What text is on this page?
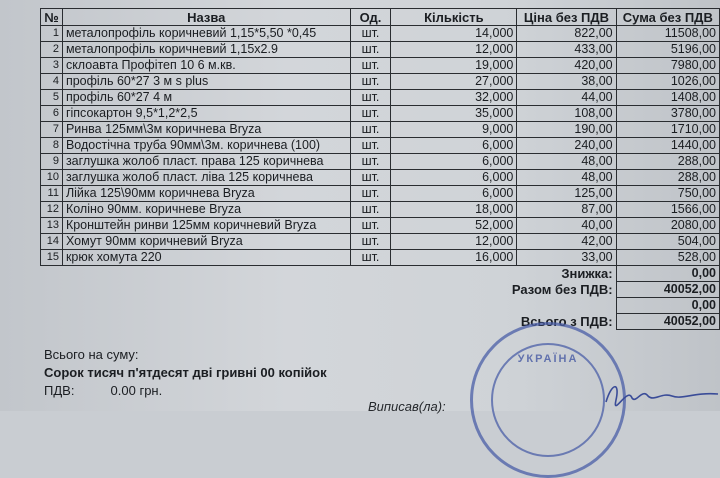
№	Назва	Од.	Кількість	Ціна без ПДВ	Сума без ПДВ
1	металопрофіль коричневий 1,15*5,50 *0,45	шт.	14,000	822,00	11508,00
2	металопрофіль коричневий 1,15х2.9	шт.	12,000	433,00	5196,00
3	склоавта Профітеп 10 6 м.кв.	шт.	19,000	420,00	7980,00
4	профіль 60*27 3 м s plus	шт.	27,000	38,00	1026,00
5	профіль 60*27 4 м	шт.	32,000	44,00	1408,00
6	гіпсокартон 9,5*1,2*2,5	шт.	35,000	108,00	3780,00
7	Ринва 125мм\3м коричнева Bryza	шт.	9,000	190,00	1710,00
8	Водостічна труба 90мм\3м. коричнева (100)	шт.	6,000	240,00	1440,00
9	заглушка жолоб пласт. права 125 коричнева	шт.	6,000	48,00	288,00
10	заглушка жолоб пласт. ліва 125 коричнева	шт.	6,000	48,00	288,00
11	Лійка 125\90мм коричнева Bryza	шт.	6,000	125,00	750,00
12	Коліно 90мм. коричневе Bryza	шт.	18,000	87,00	1566,00
13	Кронштейн ринви 125мм коричневий Bryza	шт.	52,000	40,00	2080,00
14	Хомут 90мм коричневий Bryza	шт.	12,000	42,00	504,00
15	крюк хомута 220	шт.	16,000	33,00	528,00
				Знижка:	0,00
			Разом без ПДВ:		40052,00
					0,00
			Всього з ПДВ:		40052,00
Всього на суму:
Сорок тисяч п'ятдесят дві гривні 00 копійок
ПДВ:          0.00 грн.
УКРАЇНА
Виписав(ла):
